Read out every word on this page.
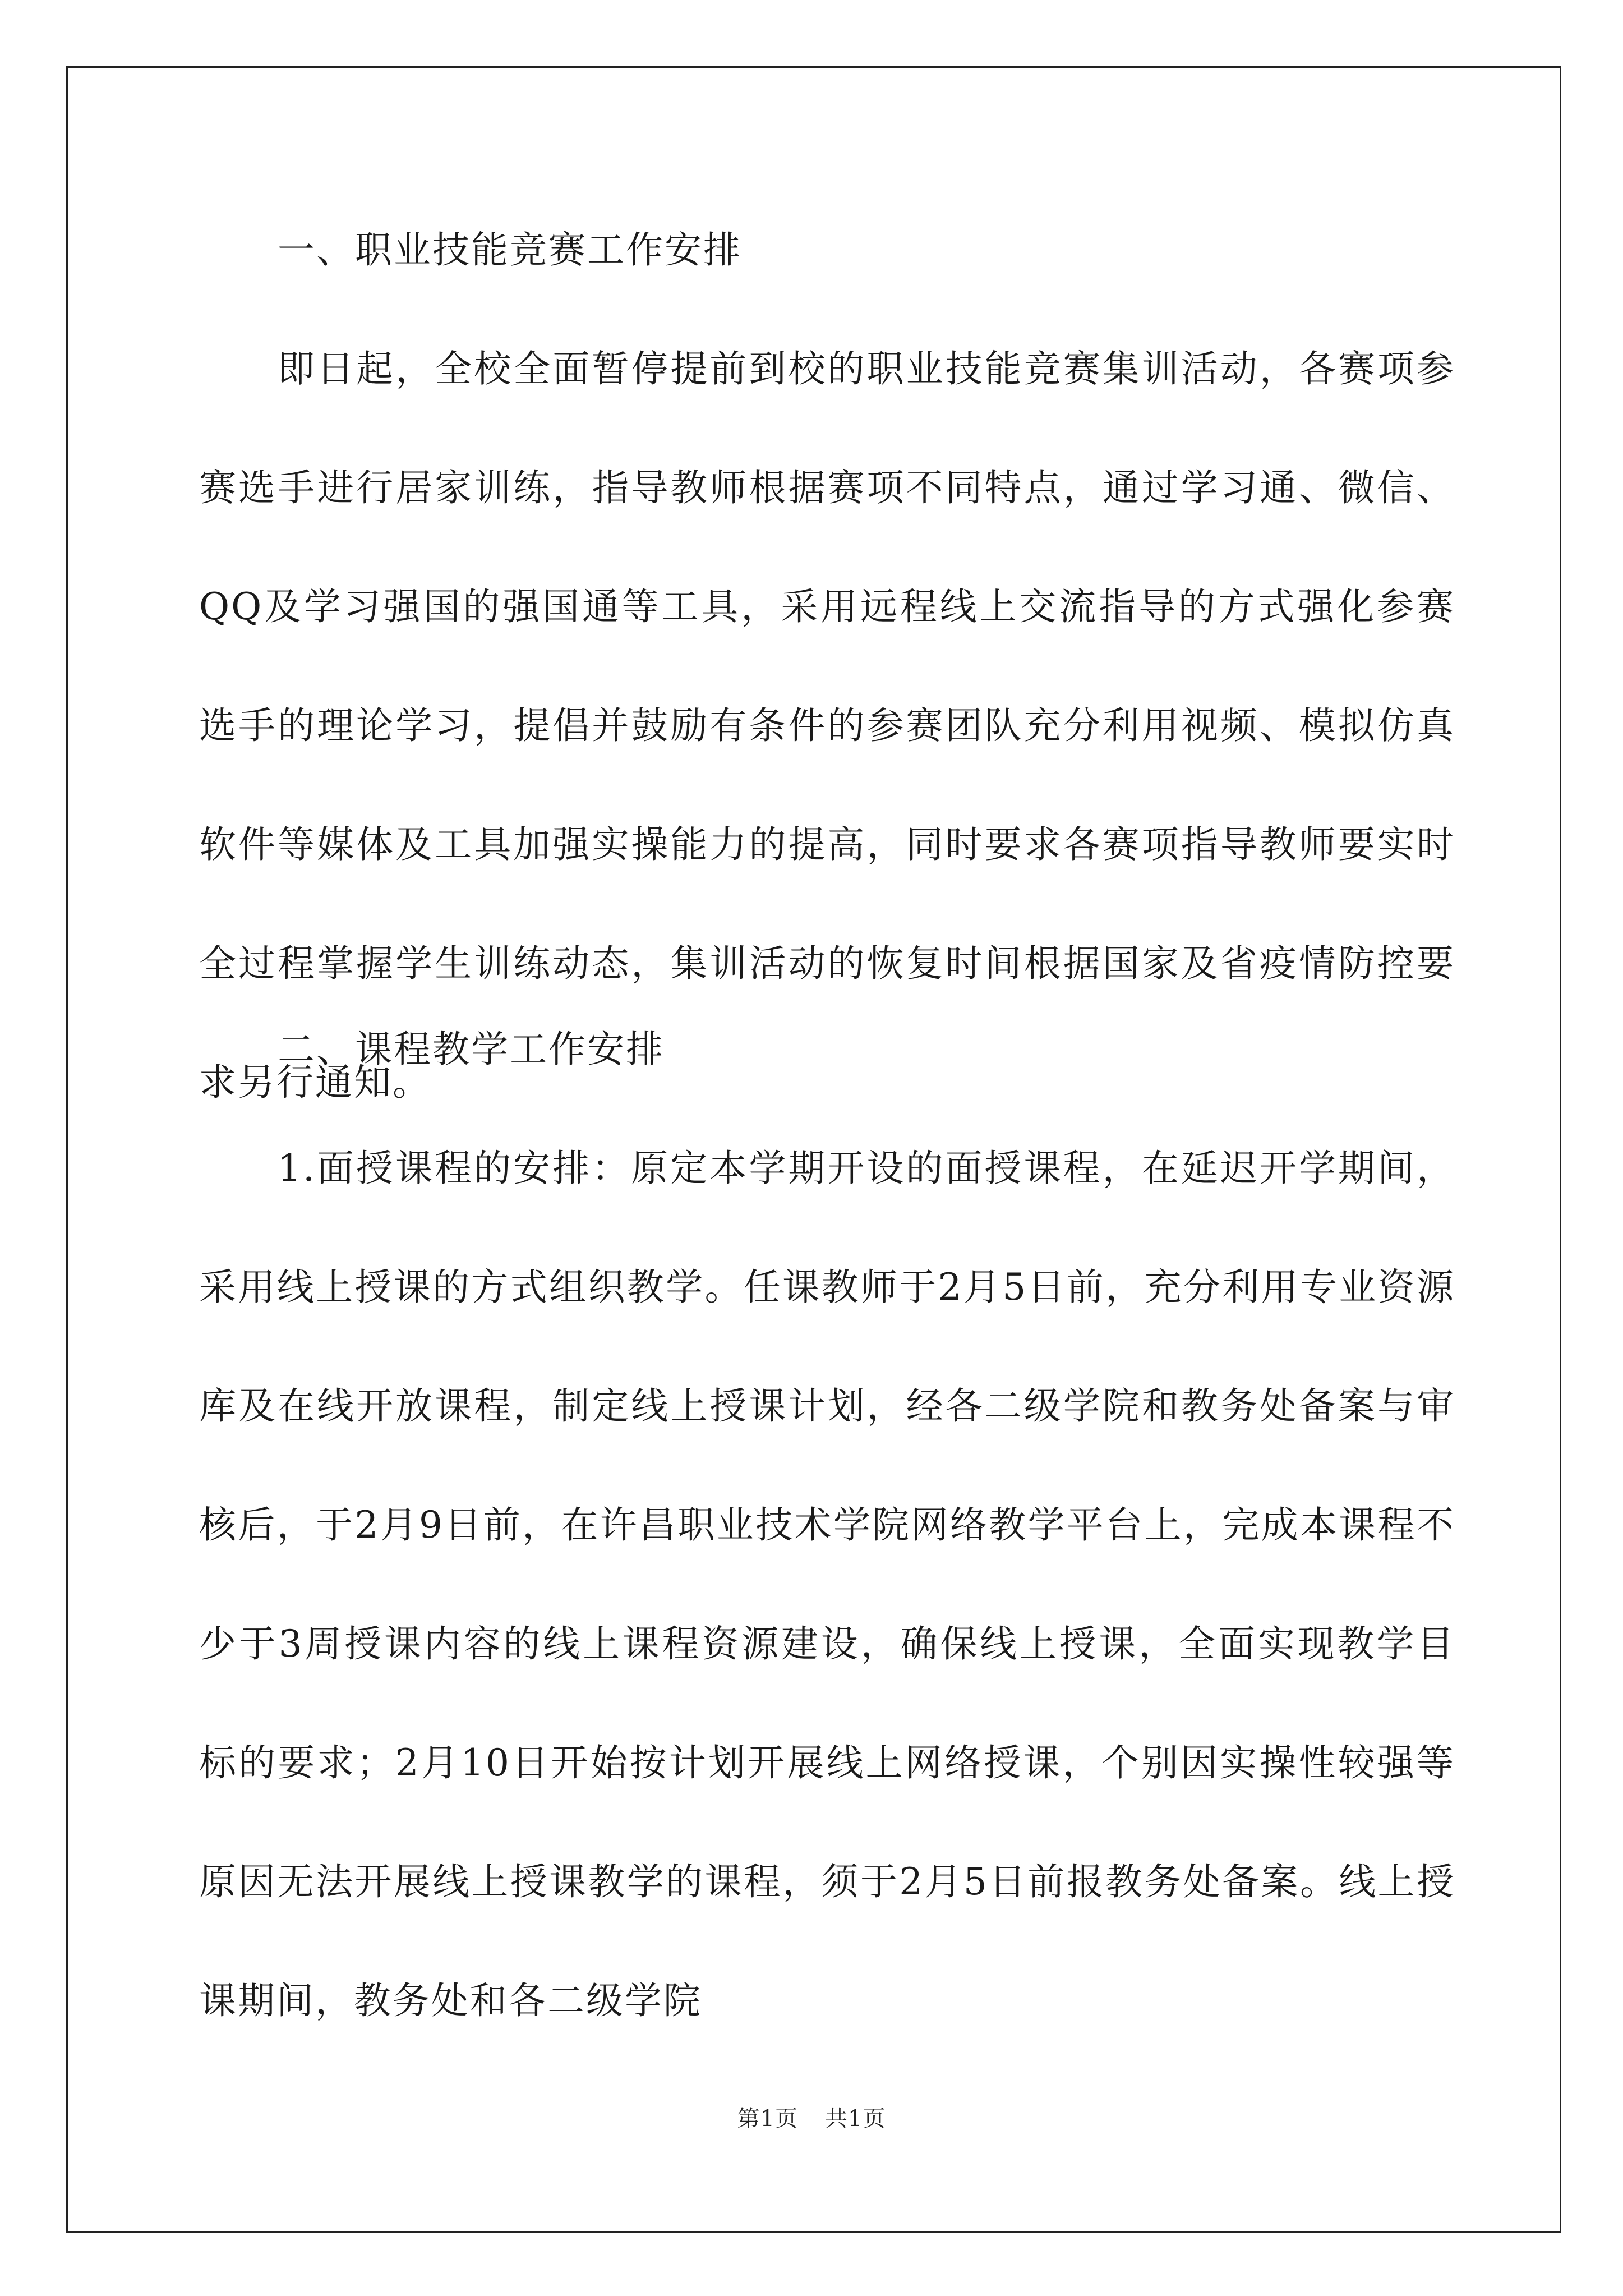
一、职业技能竞赛工作安排

即日起，全校全面暂停提前到校的职业技能竞赛集训活动，各赛项参赛选手进行居家训练，指导教师根据赛项不同特点，通过学习通、微信、QQ及学习强国的强国通等工具，采用远程线上交流指导的方式强化参赛选手的理论学习，提倡并鼓励有条件的参赛团队充分利用视频、模拟仿真软件等媒体及工具加强实操能力的提高，同时要求各赛项指导教师要实时全过程掌握学生训练动态，集训活动的恢复时间根据国家及省疫情防控要求另行通知。

二、课程教学工作安排

1.面授课程的安排：原定本学期开设的面授课程，在延迟开学期间，采用线上授课的方式组织教学。任课教师于2月5日前，充分利用专业资源库及在线开放课程，制定线上授课计划，经各二级学院和教务处备案与审核后，于2月9日前，在许昌职业技术学院网络教学平台上，完成本课程不少于3周授课内容的线上课程资源建设，确保线上授课，全面实现教学目标的要求；2月10日开始按计划开展线上网络授课，个别因实操性较强等原因无法开展线上授课教学的课程，须于2月5日前报教务处备案。线上授课期间，教务处和各二级学院

第1页 共1页
